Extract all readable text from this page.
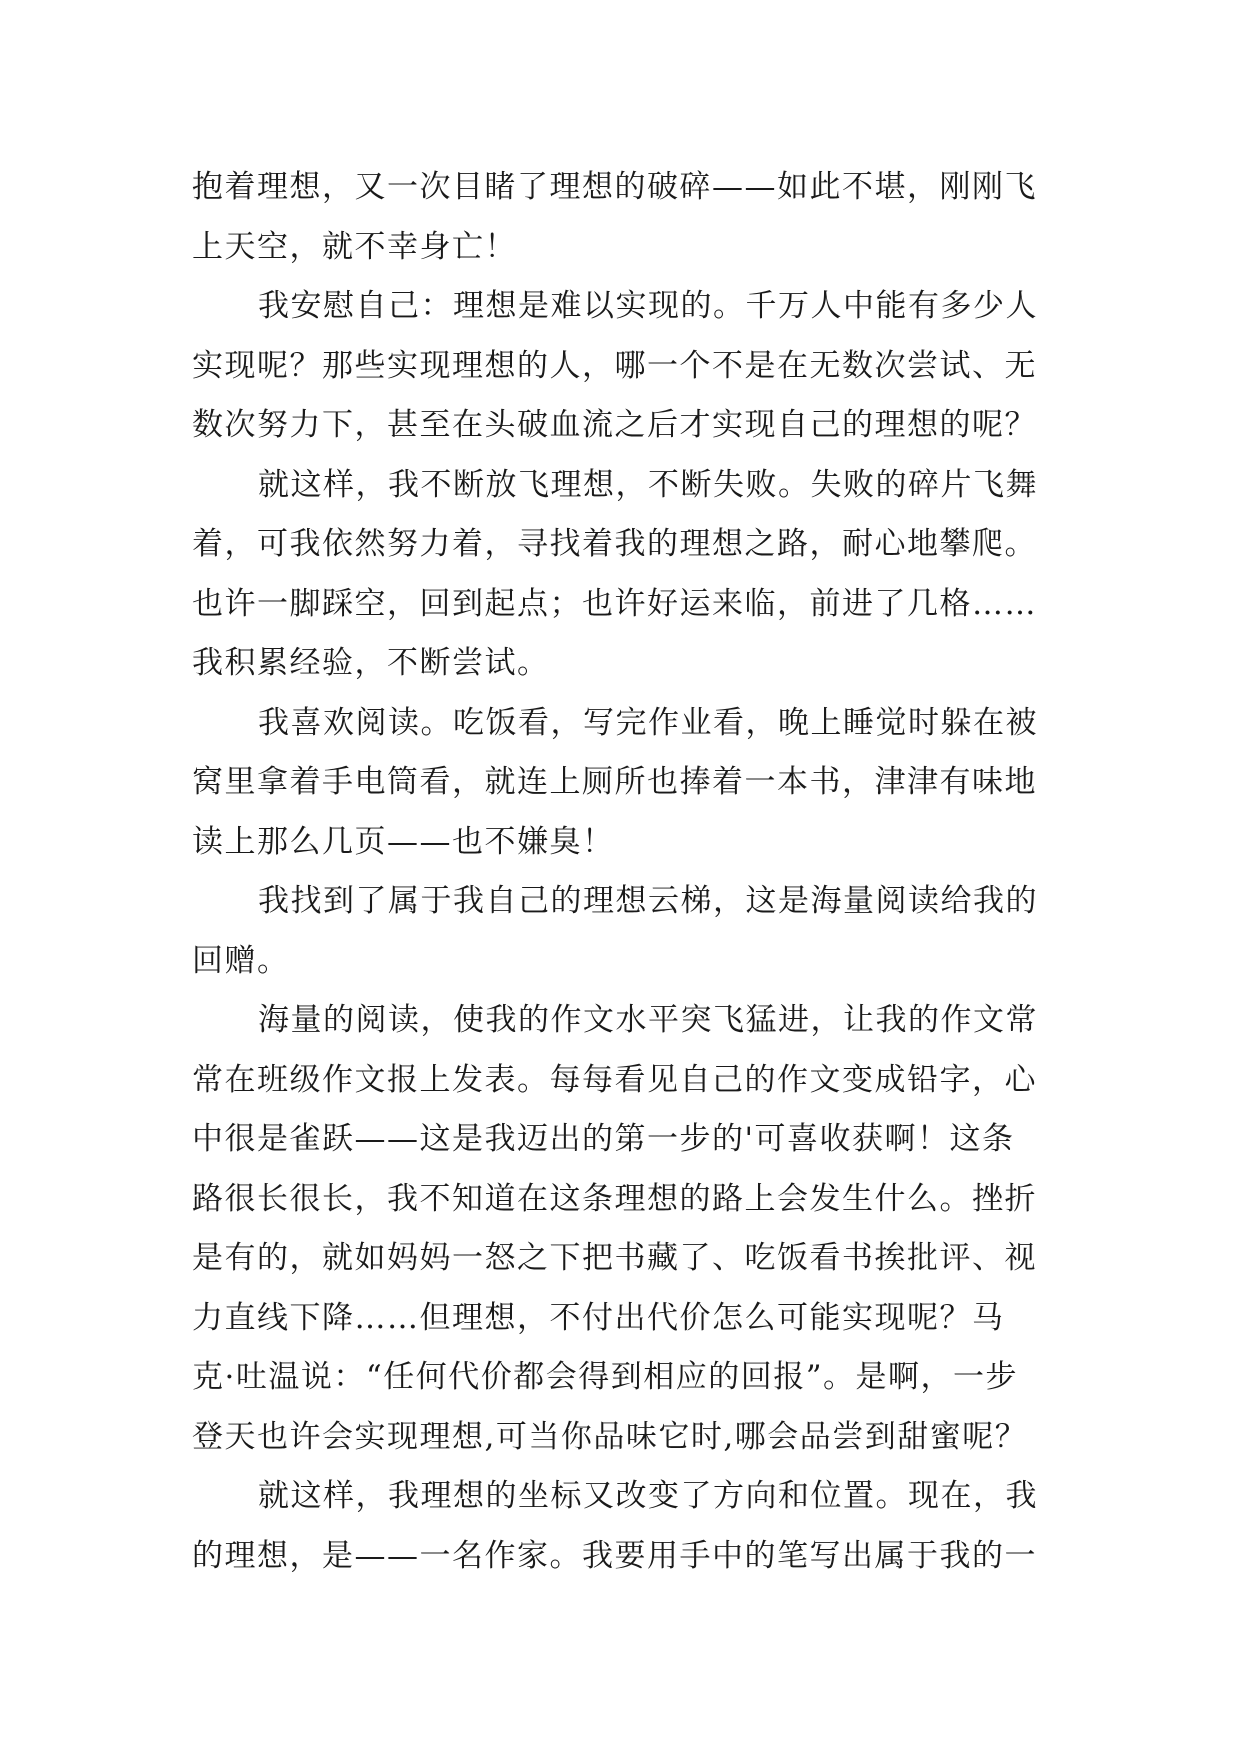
抱着理想，又一次目睹了理想的破碎——如此不堪，刚刚飞
上天空，就不幸身亡！
我安慰自己：理想是难以实现的。千万人中能有多少人
实现呢？那些实现理想的人，哪一个不是在无数次尝试、无
数次努力下，甚至在头破血流之后才实现自己的理想的呢？
就这样，我不断放飞理想，不断失败。失败的碎片飞舞
着，可我依然努力着，寻找着我的理想之路，耐心地攀爬。
也许一脚踩空，回到起点；也许好运来临，前进了几格……
我积累经验，不断尝试。
我喜欢阅读。吃饭看，写完作业看，晚上睡觉时躲在被
窝里拿着手电筒看，就连上厕所也捧着一本书，津津有味地
读上那么几页——也不嫌臭！
我找到了属于我自己的理想云梯，这是海量阅读给我的
回赠。
海量的阅读，使我的作文水平突飞猛进，让我的作文常
常在班级作文报上发表。每每看见自己的作文变成铅字，心
中很是雀跃——这是我迈出的第一步的'可喜收获啊！这条
路很长很长，我不知道在这条理想的路上会发生什么。挫折
是有的，就如妈妈一怒之下把书藏了、吃饭看书挨批评、视
力直线下降……但理想，不付出代价怎么可能实现呢？马
克·吐温说：“任何代价都会得到相应的回报”。是啊，一步
登天也许会实现理想,可当你品味它时,哪会品尝到甜蜜呢？
就这样，我理想的坐标又改变了方向和位置。现在，我
的理想，是——一名作家。我要用手中的笔写出属于我的一
